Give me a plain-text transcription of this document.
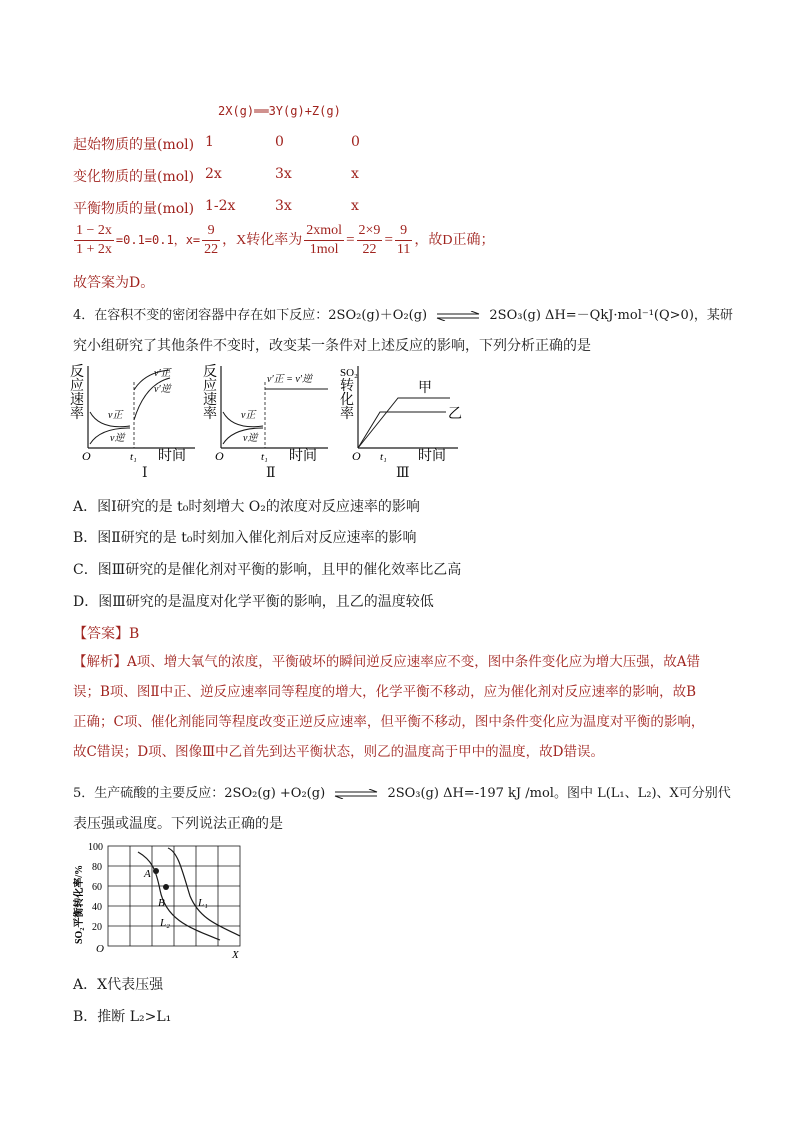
2X(g)══3Y(g)+Z(g)
起始物质的量(mol) 1	0	0
变化物质的量(mol) 2x	3x	x
平衡物质的量(mol) 1-2x	3x	x
$\frac{1 - 2x}{1 + 2x} =0.1=0.1$，$x= \frac{9}{22}$ ，X转化率为 $\frac{\text{2xmol}}{\text{1mol}} = \frac{2\times 9}{22} = \frac{9}{11}$ ，故D正确；
故答案为D。
4．在容积不变的密闭容器中存在如下反应：2SO₂(g)＋O₂(g) ⇌ 2SO₃(g) ΔH=－QkJ·mol⁻¹(Q>0)，某研
究小组研究了其他条件不变时，改变某一条件对上述反应的影响，下列分析正确的是
反
应
速
率 v正
v逆
v′正
v′逆
O	t₁ 时间
Ⅰ
反
应
速
率 v正
v逆
v′正 = v′逆
O	t₁ 时间
Ⅱ
SO₂
转
化
率
甲
乙
O t₁ 时间
Ⅲ
A．图Ⅰ研究的是 t₀时刻增大 O₂的浓度对反应速率的影响
B．图Ⅱ研究的是 t₀时刻加入催化剂后对反应速率的影响
C．图Ⅲ研究的是催化剂对平衡的影响，且甲的催化效率比乙高
D．图Ⅲ研究的是温度对化学平衡的影响，且乙的温度较低
【答案】B
【解析】A项、增大氧气的浓度，平衡破坏的瞬间逆反应速率应不变，图中条件变化应为增大压强，故A错
误；B项、图Ⅱ中正、逆反应速率同等程度的增大，化学平衡不移动，应为催化剂对反应速率的影响，故B
正确；C项、催化剂能同等程度改变正逆反应速率，但平衡不移动，图中条件变化应为温度对平衡的影响，
故C错误；D项、图像Ⅲ中乙首先到达平衡状态，则乙的温度高于甲中的温度，故D错误。
5．生产硫酸的主要反应：2SO₂(g) +O₂(g) ⇌ 2SO₃(g) ΔH=-197 kJ /mol。图中 L(L₁、L₂)、X可分别代
表压强或温度。下列说法正确的是
A
B	L₁
L₂
100
80
60
40
20
O	X
SO₂平衡转化率/%
A．X代表压强
B．推断 L₂>L₁
